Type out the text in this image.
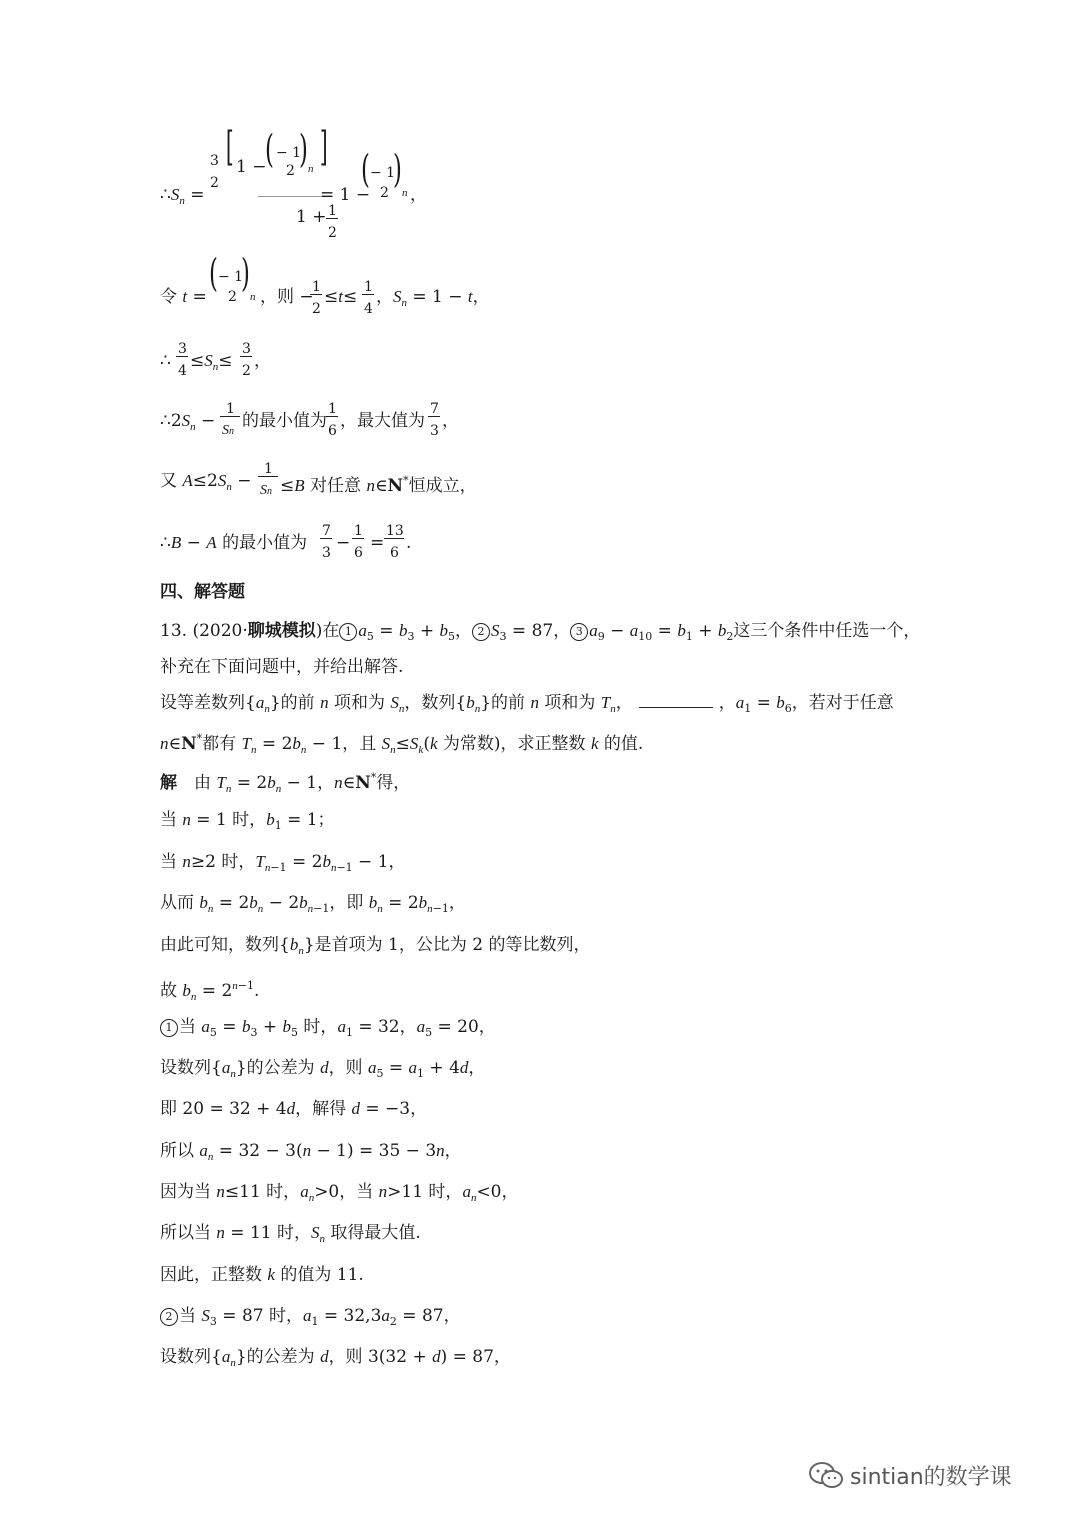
$\therefore S_n$ =
3
2
[ 1 −
( − 1
2 ) n ]
1 + 1
2
= 1 −
( − 1
2
)
n ，
令 t =
( − 1
2
)
n ，则 −
1
2
≤t≤ 1
4
，$S_n = 1 - t$，
∴
3
$4 \le S_n\le$
3
2 ，
$\therefore 2S_n$ −
1
Sn
的最小值为
1
6 ，最大值为
7
3 ，
又 $A\le 2S_n$ −
1
Sn ≤B 对任意 n∈N*恒成立，
∴B − A 的最小值为
7
3 −
1
6 =
13
6 .
四、解答题
13. (2020·聊城模拟)在 1 $a_5 = b_3 + b_5$， 2 $S_3 = 87$， 3 $a_9 - a_{10} = b_1 + b_2$这三个条件中任选一个，
补充在下面问题中，并给出解答.
设等差数列$\{a_n\}$的前 n 项和为 $S_n$，数列$\{b_n\}$的前 n 项和为 $T_n$，	，$a_1 = b_6$，若对于任意
n∈N*都有 $T_n = 2b_n - 1$，且 $S_n\le S_k(k$ 为常数)，求正整数 k 的值.
解　由 $T_n = 2b_n - 1$，n∈N*得，
当 n = 1 时，$b_1 = 1$；
当 n≥2 时，$T_{n-1} = 2b_{n-1} - 1$，
从而 $b_n = 2b_n - 2b_{n-1}$，即 $b_n = 2b_{n-1}$，
由此可知，数列$\{b_n\}$是首项为 1，公比为 2 的等比数列，
故 $b_n = 2^{n-1}$.
1 当 $a_5 = b_3 + b_5$ 时，$a_1 = 32$，$a_5 = 20$，
设数列$\{a_n\}$的公差为 d，则 $a_5 = a_1 + 4d$，
即 20 = 32 + 4d，解得 d = −3，
所以 $a_n = 32 - 3(n - 1) = 35 - 3n$，
因为当 n≤11 时，$a_n>0$，当 n>11 时，$a_n<0$，
所以当 n = 11 时，$S_n$ 取得最大值.
因此，正整数 k 的值为 11.
2 当 $S_3 = 87$ 时，$a_1 = 32,3a_2 = 87$，
设数列$\{a_n\}$的公差为 d，则 3(32 + d) = 87，
sintian的数学课
